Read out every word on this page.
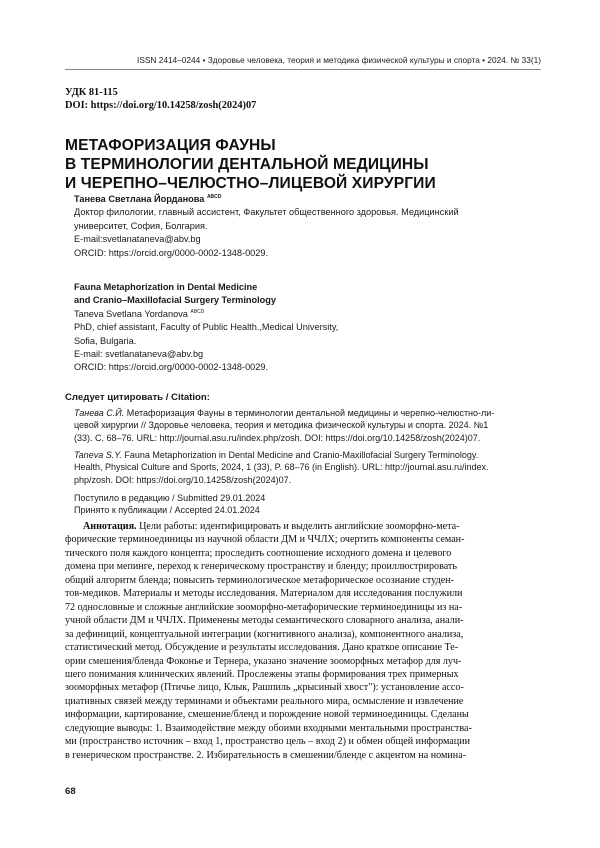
ISSN 2414–0244 • Здоровье человека, теория и методика физической культуры и спорта • 2024. № 33(1)
УДК 81-115
DOI: https://doi.org/10.14258/zosh(2024)07
МЕТАФОРИЗАЦИЯ ФАУНЫ
В ТЕРМИНОЛОГИИ ДЕНТАЛЬНОЙ МЕДИЦИНЫ
И ЧЕРЕПНО–ЧЕЛЮСТНО–ЛИЦЕВОЙ ХИРУРГИИ
Танева Светлана Йорданова $^{ABCD}$
Доктор филологии, главный ассистент, Факультет общественного здоровья. Медицинский
университет, София, Болгария.
E-mail:svetlanataneva@abv.bg
ORCID: https://orcid.org/0000-0002-1348-0029.
Fauna Metaphorization in Dental Medicine
and Cranio–Maxillofacial Surgery Terminology
Taneva Svetlana Yordanova $^{ABCD}$
PhD, chief assistant, Faculty of Public Health.,Medical University,
Sofia, Bulgaria.
E-mail: svetlanataneva@abv.bg
ORCID: https://orcid.org/0000-0002-1348-0029.
Следует цитировать / Citation:
Танева С.Й. Метафоризация Фауны в терминологии дентальной медицины и черепно-челюстно-ли-
цевой хирургии // Здоровье человека, теория и методика физической культуры и спорта. 2024. №1
(33). С. 68–76. URL: http://journal.asu.ru/index.php/zosh. DOI: https://doi.org/10.14258/zosh(2024)07.
Taneva S.Y. Fauna Metaphorization in Dental Medicine and Cranio-Maxillofacial Surgery Terminology.
Health, Physical Culture and Sports, 2024, 1 (33), P. 68–76 (in English). URL: http://journal.asu.ru/index.
php/zosh. DOI: https://doi.org/10.14258/zosh(2024)07.
Поступило в редакцию / Submitted 29.01.2024
Принято к публикации / Accepted 24.01.2024
Аннотация. Цели работы: идентифицировать и выделить английские зооморфно-мета-
форические терминоединицы из научной области ДМ и ЧЧЛХ; очертить компоненты семан-
тического поля каждого концепта; проследить соотношение исходного домена и целевого
домена при мепинге, переход к генерическому пространству и бленду; проиллюстрировать
общий алгоритм бленда; повысить терминологическое метафорическое осознание студен-
тов-медиков. Материалы и методы исследования. Материалом для исследования послужили
72 однословные и сложные английские зооморфно-метафорические терминоединицы из на-
учной области ДМ и ЧЧЛХ. Применены методы семантического словарного анализа, анали-
за дефиниций, концептуальной интеграции (когнитивного анализа), компонентного анализа,
статистический метод. Обсуждение и результаты исследования. Дано краткое описание Те-
ории смешения/бленда Фоконье и Тернера, указано значение зооморфных метафор для луч-
шего понимания клинических явлений. Прослежены этапы формирования трех примерных
зооморфных метафор (Птичье лицо, Клык, Рашпиль „крысиный хвост"): установление ассо-
циативных связей между терминами и объектами реального мира, осмысление и извлечение
информации, картирование, смешение/бленд и порождение новой терминоединицы. Сделаны
следующие выводы: 1. Взаимодействие между обоими входными ментальными пространства-
ми (пространство источник – вход 1, пространство цель – вход 2) и обмен общей информации
в генерическом пространстве. 2. Избирательность в смешении/бленде с акцентом на номина-
68
